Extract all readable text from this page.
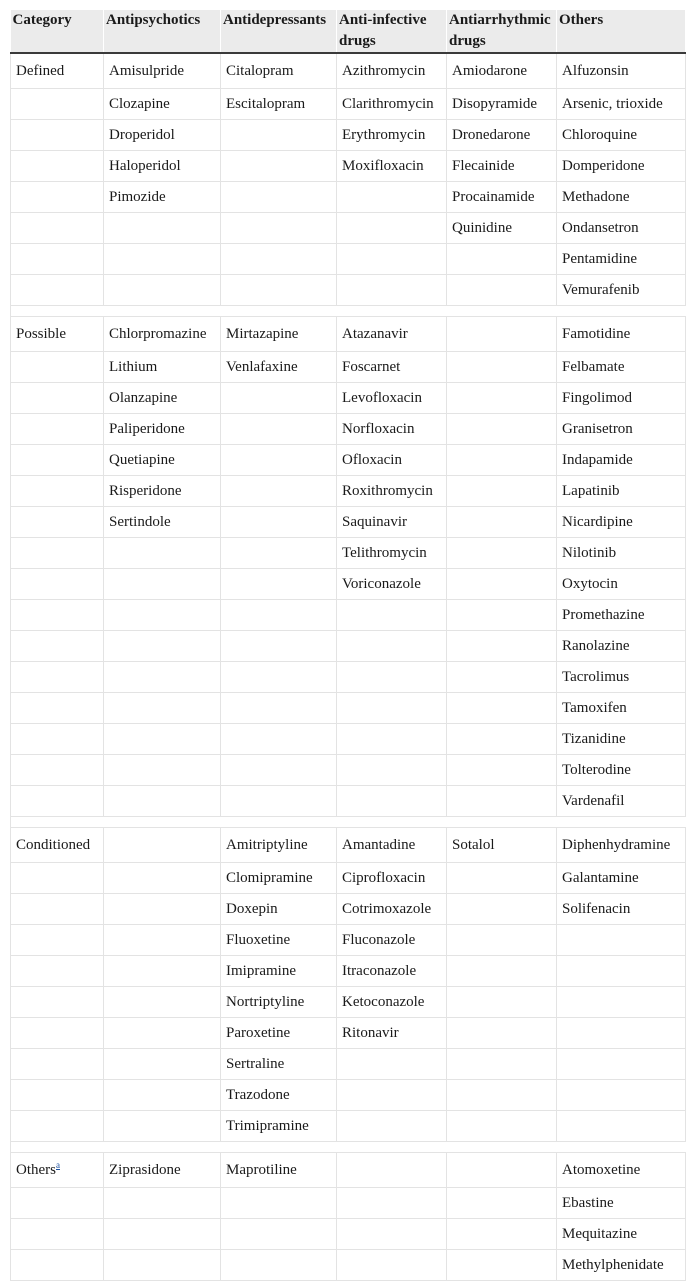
Category	Antipsychotics	Antidepressants	Anti-infective drugs	Antiarrhythmic drugs	Others
Defined	Amisulpride	Citalopram	Azithromycin	Amiodarone	Alfuzonsin
	Clozapine	Escitalopram	Clarithromycin	Disopyramide	Arsenic, trioxide
	Droperidol		Erythromycin	Dronedarone	Chloroquine
	Haloperidol		Moxifloxacin	Flecainide	Domperidone
	Pimozide			Procainamide	Methadone
				Quinidine	Ondansetron
					Pentamidine
					Vemurafenib

Possible	Chlorpromazine	Mirtazapine	Atazanavir		Famotidine
	Lithium	Venlafaxine	Foscarnet		Felbamate
	Olanzapine		Levofloxacin		Fingolimod
	Paliperidone		Norfloxacin		Granisetron
	Quetiapine		Ofloxacin		Indapamide
	Risperidone		Roxithromycin		Lapatinib
	Sertindole		Saquinavir		Nicardipine
			Telithromycin		Nilotinib
			Voriconazole		Oxytocin
					Promethazine
					Ranolazine
					Tacrolimus
					Tamoxifen
					Tizanidine
					Tolterodine
					Vardenafil

Conditioned		Amitriptyline	Amantadine	Sotalol	Diphenhydramine
		Clomipramine	Ciprofloxacin		Galantamine
		Doxepin	Cotrimoxazole		Solifenacin
		Fluoxetine	Fluconazole		
		Imipramine	Itraconazole		
		Nortriptyline	Ketoconazole		
		Paroxetine	Ritonavir		
		Sertraline			
		Trazodone			
		Trimipramine			

Others$^a$	Ziprasidone	Maprotiline			Atomoxetine
					Ebastine
					Mequitazine
					Methylphenidate
